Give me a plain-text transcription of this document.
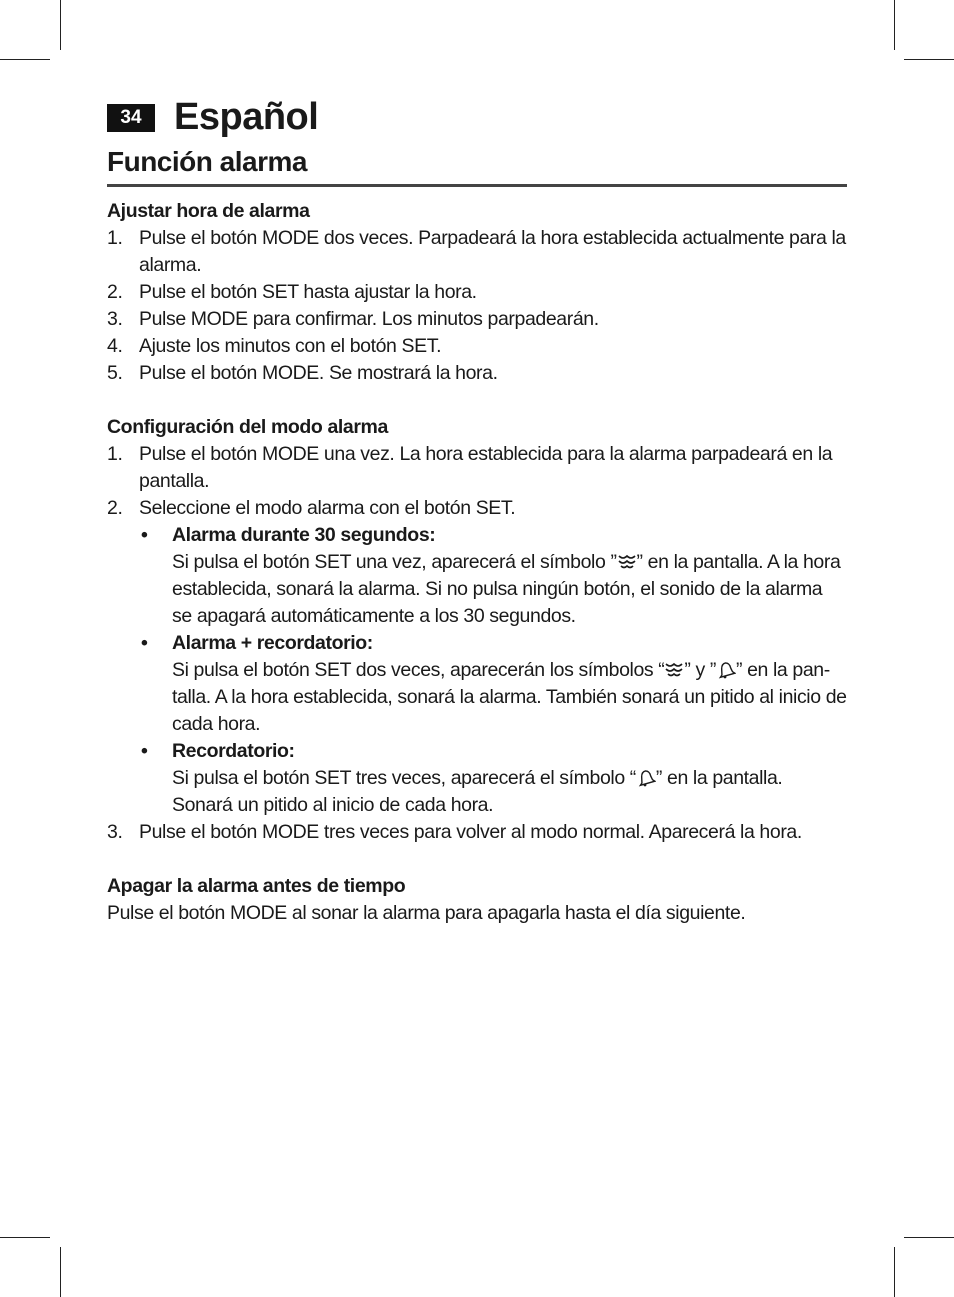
34 Español
Función alarma

Ajustar hora de alarma

1. Pulse el botón MODE dos veces. Parpadeará la hora establecida actualmente para la alarma.
2. Pulse el botón SET hasta ajustar la hora.
3. Pulse MODE para confirmar. Los minutos parpadearán.
4. Ajuste los minutos con el botón SET.
5. Pulse el botón MODE. Se mostrará la hora.

Configuración del modo alarma

1. Pulse el botón MODE una vez. La hora establecida para la alarma parpadeará en la pantalla.
2. Seleccione el modo alarma con el botón SET.
• Alarma durante 30 segundos:
Si pulsa el botón SET una vez, aparecerá el símbolo ” ” en la pantalla. A la hora establecida, sonará la alarma. Si no pulsa ningún botón, el sonido de la alarma se apagará automáticamente a los 30 segundos.
• Alarma + recordatorio:
Si pulsa el botón SET dos veces, aparecerán los símbolos “ ” y ” ” en la pan-talla. A la hora establecida, sonará la alarma. También sonará un pitido al inicio de cada hora.
• Recordatorio:
Si pulsa el botón SET tres veces, aparecerá el símbolo “ ” en la pantalla. Sonará un pitido al inicio de cada hora.
3. Pulse el botón MODE tres veces para volver al modo normal. Aparecerá la hora.

Apagar la alarma antes de tiempo

Pulse el botón MODE al sonar la alarma para apagarla hasta el día siguiente.
